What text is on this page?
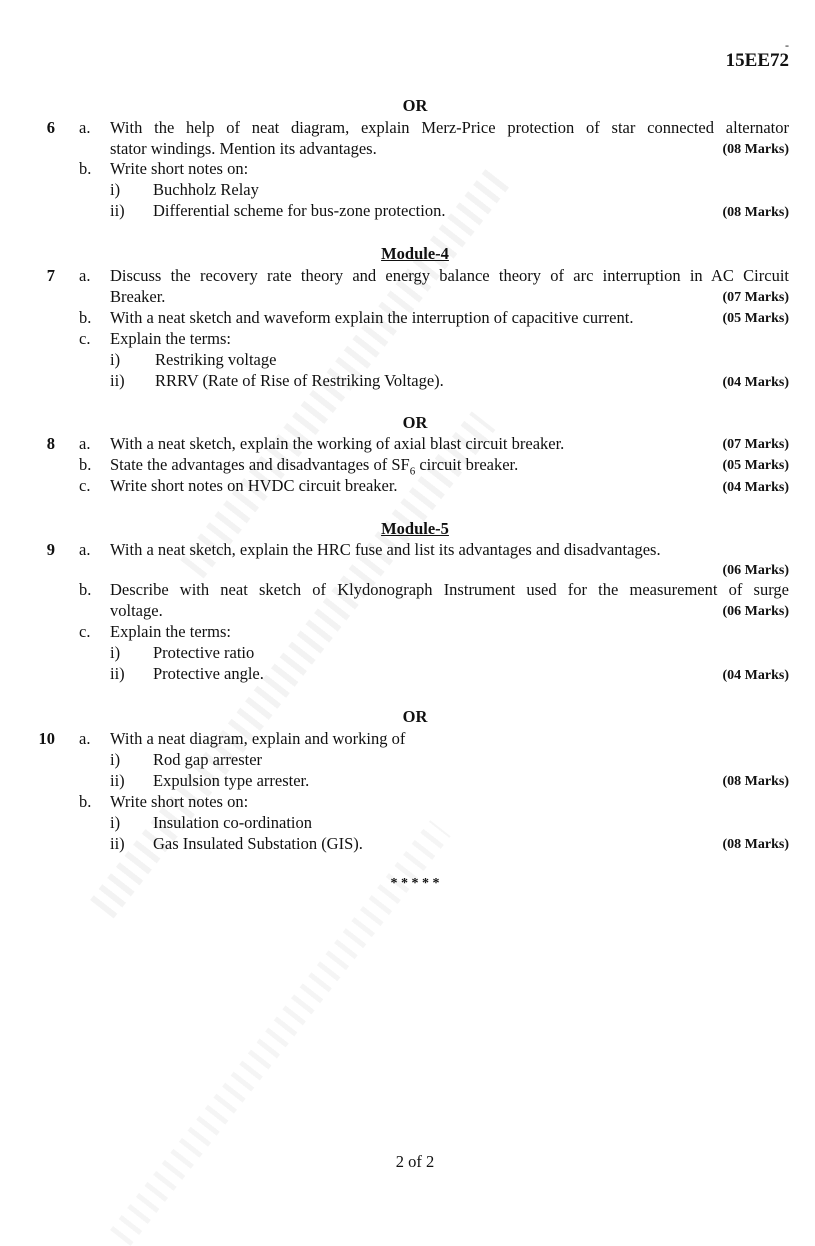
-
15EE72
OR
6 a. With the help of neat diagram, explain Merz-Price protection of star connected alternator
stator windings. Mention its advantages.	(08 Marks)
b. Write short notes on:
i) Buchholz Relay
ii) Differential scheme for bus-zone protection.	(08 Marks)
Module-4
7 a. Discuss the recovery rate theory and energy balance theory of arc interruption in AC Circuit
Breaker.	(07 Marks)
b. With a neat sketch and waveform explain the interruption of capacitive current.	(05 Marks)
c. Explain the terms:
i) Restriking voltage
ii) RRRV (Rate of Rise of Restriking Voltage).	(04 Marks)
OR
8 a. With a neat sketch, explain the working of axial blast circuit breaker.	(07 Marks)
b. State the advantages and disadvantages of $SF_6$ circuit breaker.	(05 Marks)
c. Write short notes on HVDC circuit breaker.	(04 Marks)
Module-5
9 a. With a neat sketch, explain the HRC fuse and list its advantages and disadvantages.
(06 Marks)
b. Describe with neat sketch of Klydonograph Instrument used for the measurement of surge
voltage.	(06 Marks)
c. Explain the terms:
i) Protective ratio
ii) Protective angle.	(04 Marks)
OR
10 a. With a neat diagram, explain and working of
i) Rod gap arrester
ii) Expulsion type arrester.	(08 Marks)
b. Write short notes on:
i) Insulation co-ordination
ii) Gas Insulated Substation (GIS).	(08 Marks)
* * * * *
2 of 2
